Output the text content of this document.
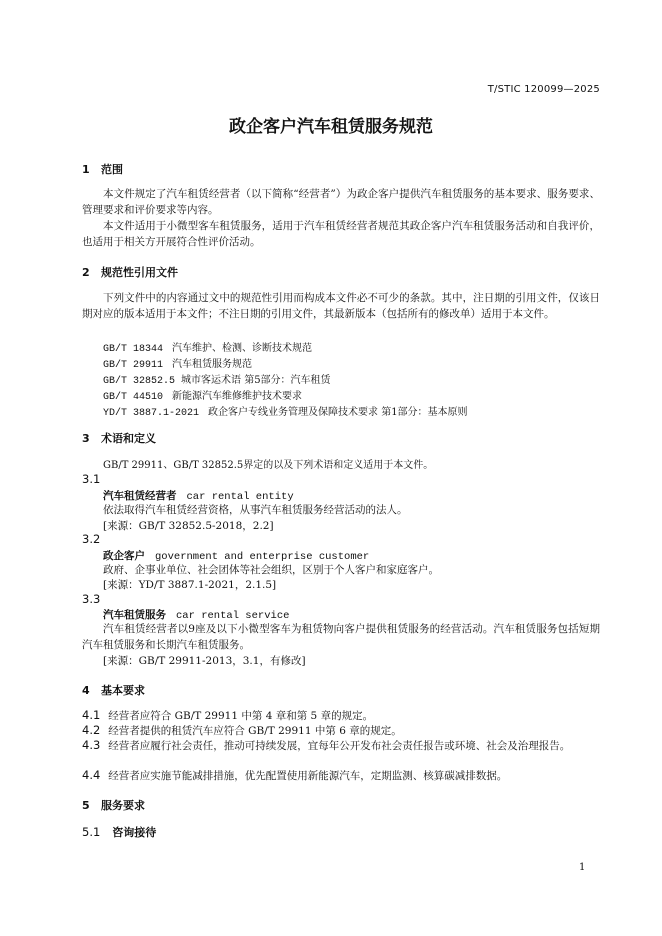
T/STIC 120099—2025
政企客户汽车租赁服务规范
1 范围
本文件规定了汽车租赁经营者（以下简称“经营者”）为政企客户提供汽车租赁服务的基本要求、服务要求、管理要求和评价要求等内容。
本文件适用于小微型客车租赁服务，适用于汽车租赁经营者规范其政企客户汽车租赁服务活动和自我评价，也适用于相关方开展符合性评价活动。
2 规范性引用文件
下列文件中的内容通过文中的规范性引用而构成本文件必不可少的条款。其中，注日期的引用文件，仅该日期对应的版本适用于本文件；不注日期的引用文件，其最新版本（包括所有的修改单）适用于本文件。
GB/T 18344 汽车维护、检测、诊断技术规范
GB/T 29911 汽车租赁服务规范
GB/T 32852.5 城市客运术语 第5部分：汽车租赁
GB/T 44510 新能源汽车维修维护技术要求
YD/T 3887.1-2021 政企客户专线业务管理及保障技术要求 第1部分：基本原则
3 术语和定义
GB/T 29911、GB/T 32852.5界定的以及下列术语和定义适用于本文件。
3.1
汽车租赁经营者 car rental entity
依法取得汽车租赁经营资格，从事汽车租赁服务经营活动的法人。
[来源：GB/T 32852.5-2018，2.2]
3.2
政企客户 government and enterprise customer
政府、企事业单位、社会团体等社会组织，区别于个人客户和家庭客户。
[来源：YD/T 3887.1-2021，2.1.5]
3.3
汽车租赁服务 car rental service
汽车租赁经营者以9座及以下小微型客车为租赁物向客户提供租赁服务的经营活动。汽车租赁服务包括短期汽车租赁服务和长期汽车租赁服务。
[来源：GB/T 29911-2013，3.1，有修改]
4 基本要求
4.1 经营者应符合 GB/T 29911 中第 4 章和第 5 章的规定。
4.2 经营者提供的租赁汽车应符合 GB/T 29911 中第 6 章的规定。
4.3 经营者应履行社会责任，推动可持续发展，宜每年公开发布社会责任报告或环境、社会及治理报告。
4.4 经营者应实施节能减排措施，优先配置使用新能源汽车，定期监测、核算碳减排数据。
5 服务要求
5.1 咨询接待
1
